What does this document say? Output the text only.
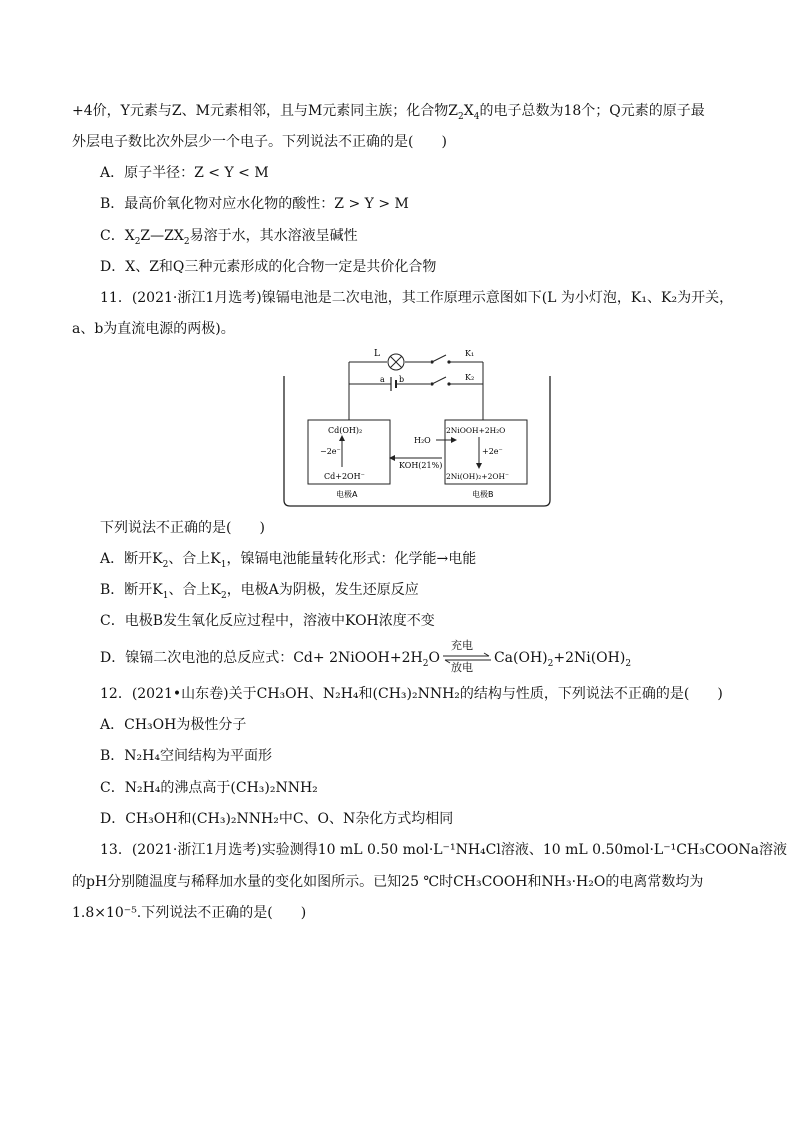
+4价，Y元素与Z、M元素相邻，且与M元素同主族；化合物$Z_2X_4$的电子总数为18个；Q元素的原子最
外层电子数比次外层少一个电子。下列说法不正确的是(　　)
A．原子半径：Z < Y < M
B．最高价氧化物对应水化物的酸性：Z > Y > M
C．$X_2Z—ZX_2$易溶于水，其水溶液呈碱性
D．X、Z和Q三种元素形成的化合物一定是共价化合物
11．(2021·浙江1月选考)镍镉电池是二次电池，其工作原理示意图如下(L 为小灯泡，K₁、K₂为开关，
a、b为直流电源的两极)。
L	K₁
K₂
a b
Cd(OH)₂
−2e⁻
Cd+2OH⁻
2NiOOH+2H₂O
+2e⁻
2Ni(OH)₂+2OH⁻
H₂O
KOH(21%)
电极A	电极B
下列说法不正确的是(　　)
A．断开$K_2$、合上$K_1$，镍镉电池能量转化形式：化学能→电能
B．断开$K_1$、合上$K_2$，电极A为阴极，发生还原反应
C．电极B发生氧化反应过程中，溶液中KOH浓度不变
D．镍镉二次电池的总反应式：$Cd+ 2NiOOH+2H_2O$
充电
放电
$Ca(OH)_2+2Ni(OH)_2$
12．(2021•山东卷)关于CH₃OH、N₂H₄和(CH₃)₂NNH₂的结构与性质，下列说法不正确的是(　　)
A．CH₃OH为极性分子
B．N₂H₄空间结构为平面形
C．N₂H₄的沸点高于(CH₃)₂NNH₂
D．CH₃OH和(CH₃)₂NNH₂中C、O、N杂化方式均相同
13．(2021·浙江1月选考)实验测得10 mL 0.50 mol·L⁻¹NH₄Cl溶液、10 mL 0.50mol·L⁻¹CH₃COONa溶液
的pH分别随温度与稀释加水量的变化如图所示。已知25 ℃时CH₃COOH和NH₃·H₂O的电离常数均为
1.8×10⁻⁵.下列说法不正确的是(　　)
